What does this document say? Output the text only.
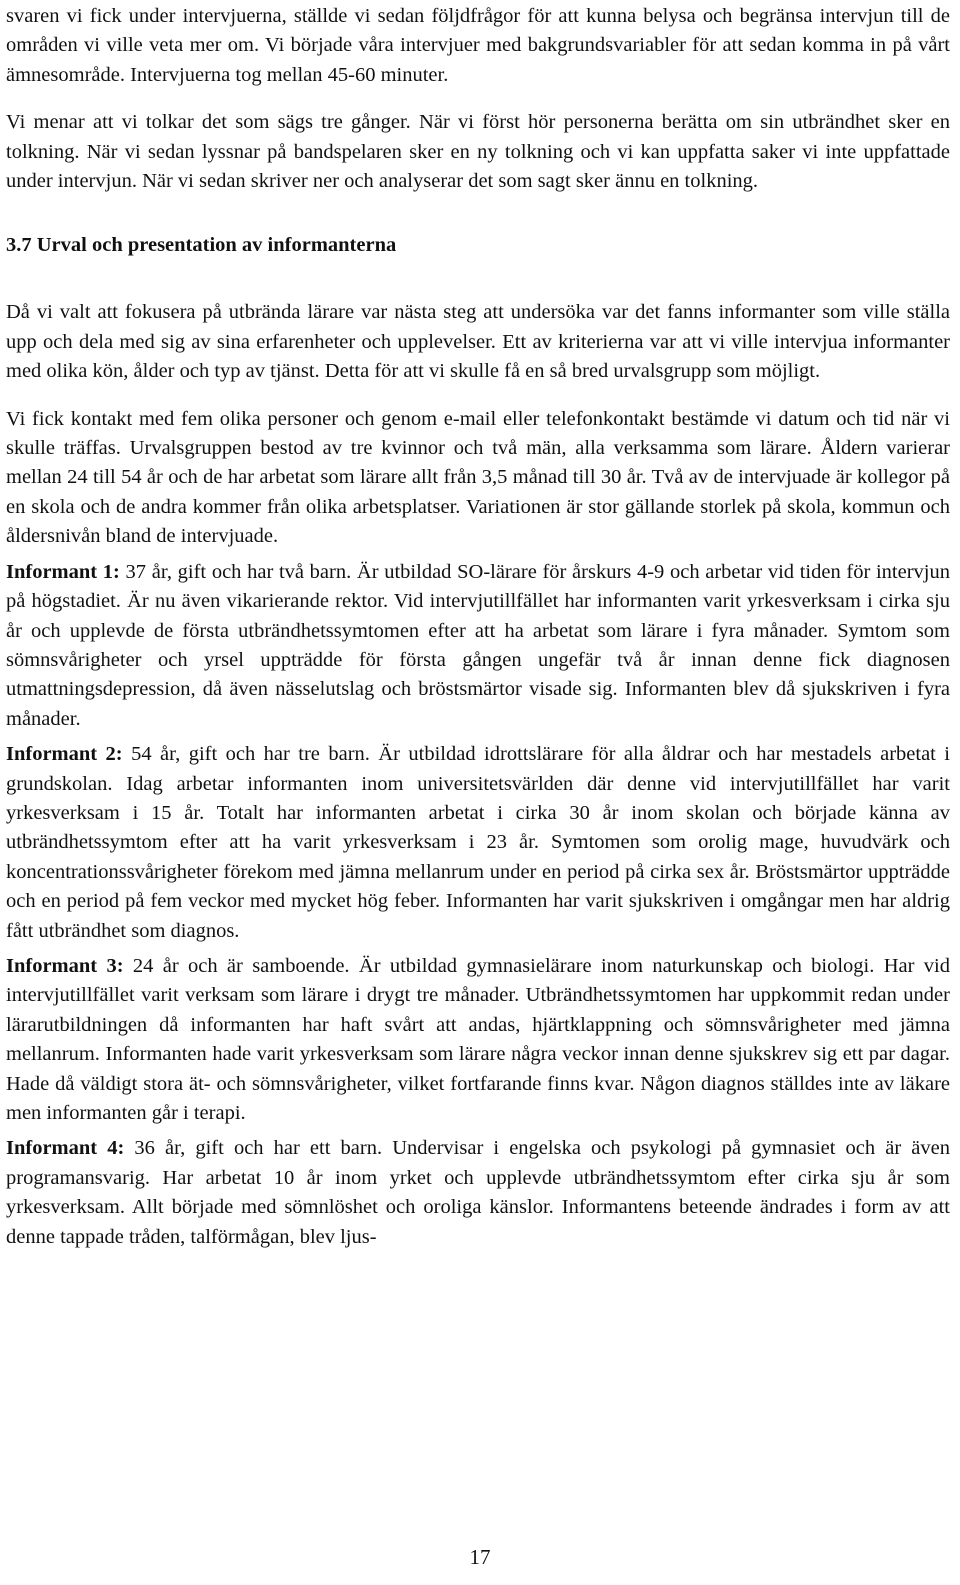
svaren vi fick under intervjuerna, ställde vi sedan följdfrågor för att kunna belysa och begränsa intervjun till de områden vi ville veta mer om. Vi började våra intervjuer med bakgrundsvariabler för att sedan komma in på vårt ämnesområde. Intervjuerna tog mellan 45-60 minuter.

Vi menar att vi tolkar det som sägs tre gånger. När vi först hör personerna berätta om sin utbrändhet sker en tolkning. När vi sedan lyssnar på bandspelaren sker en ny tolkning och vi kan uppfatta saker vi inte uppfattade under intervjun. När vi sedan skriver ner och analyserar det som sagt sker ännu en tolkning.

3.7 Urval och presentation av informanterna

Då vi valt att fokusera på utbrända lärare var nästa steg att undersöka var det fanns informanter som ville ställa upp och dela med sig av sina erfarenheter och upplevelser. Ett av kriterierna var att vi ville intervjua informanter med olika kön, ålder och typ av tjänst. Detta för att vi skulle få en så bred urvalsgrupp som möjligt.

Vi fick kontakt med fem olika personer och genom e-mail eller telefonkontakt bestämde vi datum och tid när vi skulle träffas. Urvalsgruppen bestod av tre kvinnor och två män, alla verksamma som lärare. Åldern varierar mellan 24 till 54 år och de har arbetat som lärare allt från 3,5 månad till 30 år. Två av de intervjuade är kollegor på en skola och de andra kommer från olika arbetsplatser. Variationen är stor gällande storlek på skola, kommun och åldersnivån bland de intervjuade.

Informant 1: 37 år, gift och har två barn. Är utbildad SO-lärare för årskurs 4-9 och arbetar vid tiden för intervjun på högstadiet. Är nu även vikarierande rektor. Vid intervjutillfället har informanten varit yrkesverksam i cirka sju år och upplevde de första utbrändhetssymtomen efter att ha arbetat som lärare i fyra månader. Symtom som sömnsvårigheter och yrsel uppträdde för första gången ungefär två år innan denne fick diagnosen utmattningsdepression, då även nässelutslag och bröstsmärtor visade sig. Informanten blev då sjukskriven i fyra månader.

Informant 2: 54 år, gift och har tre barn. Är utbildad idrottslärare för alla åldrar och har mestadels arbetat i grundskolan. Idag arbetar informanten inom universitetsvärlden där denne vid intervjutillfället har varit yrkesverksam i 15 år. Totalt har informanten arbetat i cirka 30 år inom skolan och började känna av utbrändhetssymtom efter att ha varit yrkesverksam i 23 år. Symtomen som orolig mage, huvudvärk och koncentrationssvårigheter förekom med jämna mellanrum under en period på cirka sex år. Bröstsmärtor uppträdde och en period på fem veckor med mycket hög feber. Informanten har varit sjukskriven i omgångar men har aldrig fått utbrändhet som diagnos.

Informant 3: 24 år och är samboende. Är utbildad gymnasielärare inom naturkunskap och biologi. Har vid intervjutillfället varit verksam som lärare i drygt tre månader. Utbrändhetssymtomen har uppkommit redan under lärarutbildningen då informanten har haft svårt att andas, hjärtklappning och sömnsvårigheter med jämna mellanrum. Informanten hade varit yrkesverksam som lärare några veckor innan denne sjukskrev sig ett par dagar. Hade då väldigt stora ät- och sömnsvårigheter, vilket fortfarande finns kvar. Någon diagnos ställdes inte av läkare men informanten går i terapi.

Informant 4: 36 år, gift och har ett barn. Undervisar i engelska och psykologi på gymnasiet och är även programansvarig. Har arbetat 10 år inom yrket och upplevde utbrändhetssymtom efter cirka sju år som yrkesverksam. Allt började med sömnlöshet och oroliga känslor. Informantens beteende ändrades i form av att denne tappade tråden, talförmågan, blev ljus-

17
